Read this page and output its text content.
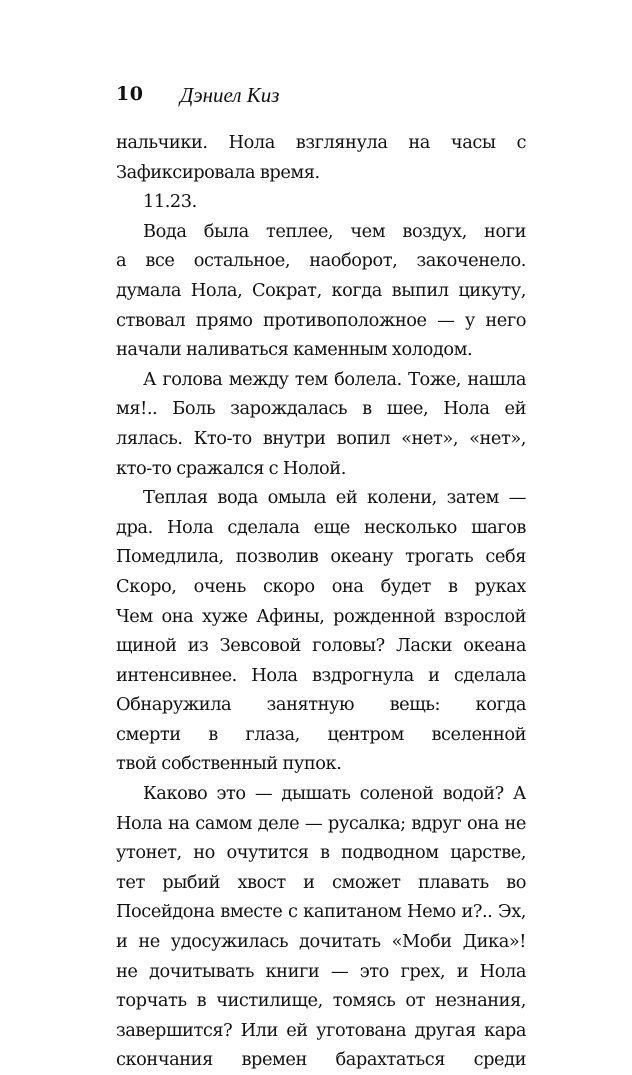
10 Дэниел Киз
нальчики. Нола взглянула на часы с
Зафиксировала время.
11.23.
Вода была теплее, чем воздух, ноги
а все остальное, наоборот, закоченело.
думала Нола, Сократ, когда выпил цикуту,
ствовал прямо противоположное — у него
начали наливаться каменным холодом.
А голова между тем болела. Тоже, нашла
мя!.. Боль зарождалась в шее, Нола ей
лялась. Кто-то внутри вопил «нет», «нет»,
кто-то сражался с Нолой.
Теплая вода омыла ей колени, затем —
дра. Нола сделала еще несколько шагов
Помедлила, позволив океану трогать себя
Скоро, очень скоро она будет в руках
Чем она хуже Афины, рожденной взрослой
щиной из Зевсовой головы? Ласки океана
интенсивнее. Нола вздрогнула и сделала
Обнаружила занятную вещь: когда
смерти в глаза, центром вселенной
твой собственный пупок.
Каково это — дышать соленой водой? А
Нола на самом деле — русалка; вдруг она не
утонет, но очутится в подводном царстве,
тет рыбий хвост и сможет плавать во
Посейдона вместе с капитаном Немо и?.. Эх,
и не удосужилась дочитать «Моби Дика»!
не дочитывать книги — это грех, и Нола
торчать в чистилище, томясь от незнания,
завершится? Или ей уготована другая кара
скончания времен барахтаться среди
